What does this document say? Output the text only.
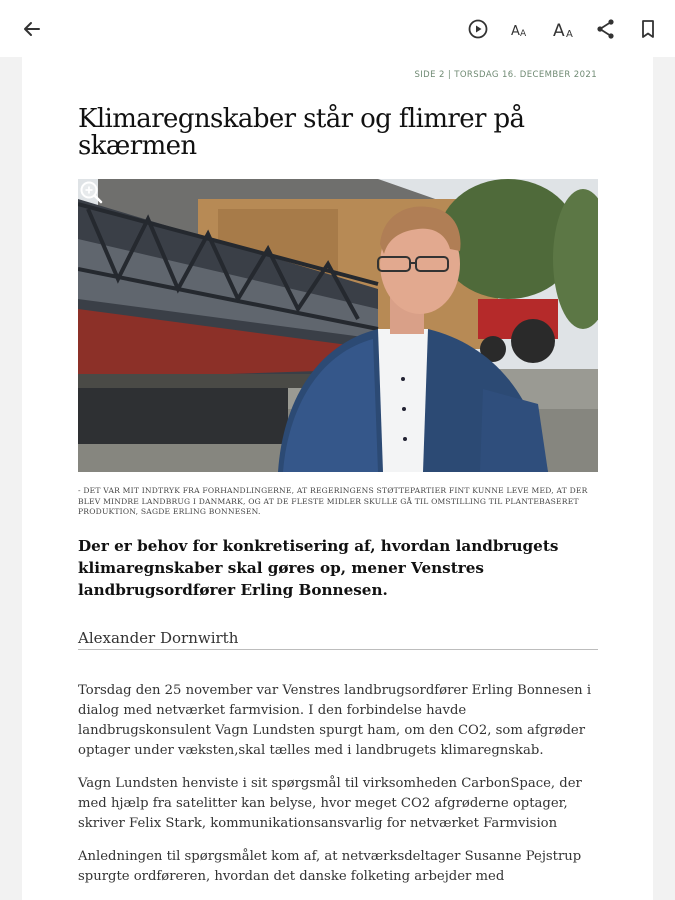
A A A A
SIDE 2 | TORSDAG 16. DECEMBER 2021
Klimaregnskaber står og flimrer på skærmen
- DET VAR MIT INDTRYK FRA FORHANDLINGERNE, AT REGERINGENS STØTTEPARTIER FINT KUNNE LEVE MED, AT DER BLEV MINDRE LANDBRUG I DANMARK, OG AT DE FLESTE MIDLER SKULLE GÅ TIL OMSTILLING TIL PLANTEBASERET PRODUKTION, SAGDE ERLING BONNESEN.
Der er behov for konkretisering af, hvordan landbrugets klimaregnskaber skal gøres op, mener Venstres landbrugsordfører Erling Bonnesen.
Alexander Dornwirth

Torsdag den 25 november var Venstres landbrugsordfører Erling Bonnesen i dialog med netværket farmvision. I den forbindelse havde landbrugskonsulent Vagn Lundsten spurgt ham, om den CO2, som afgrøder optager under væksten,skal tælles med i landbrugets klimaregnskab.

Vagn Lundsten henviste i sit spørgsmål til virksomheden CarbonSpace, der med hjælp fra satelitter kan belyse, hvor meget CO2 afgrøderne optager, skriver Felix Stark, kommunikationsansvarlig for netværket Farmvision

Anledningen til spørgsmålet kom af, at netværksdeltager Susanne Pejstrup spurgte ordføreren, hvordan det danske folketing arbejder med
